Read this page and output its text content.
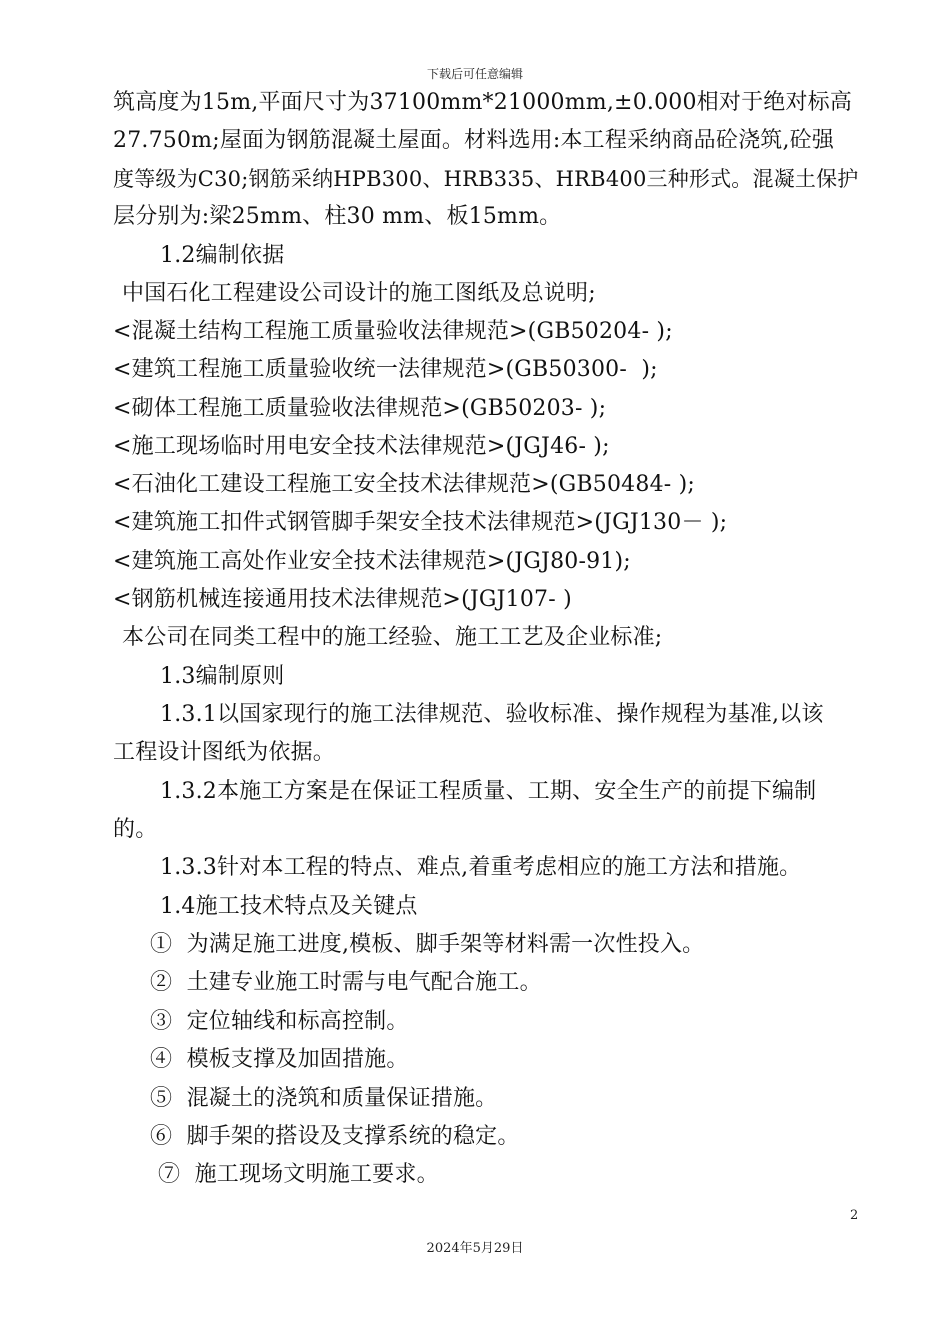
下载后可任意编辑
筑高度为15m,平面尺寸为37100mm*21000mm,±0.000相对于绝对标高
27.750m;屋面为钢筋混凝土屋面。材料选用:本工程采纳商品砼浇筑,砼强
度等级为C30;钢筋采纳HPB300、HRB335、HRB400三种形式。混凝土保护
层分别为:梁25mm、柱30 mm、板15mm。
1.2编制依据
中国石化工程建设公司设计的施工图纸及总说明;
<混凝土结构工程施工质量验收法律规范>(GB50204- );
<建筑工程施工质量验收统一法律规范>(GB50300-  );
<砌体工程施工质量验收法律规范>(GB50203- );
<施工现场临时用电安全技术法律规范>(JGJ46- );
<石油化工建设工程施工安全技术法律规范>(GB50484- );
<建筑施工扣件式钢管脚手架安全技术法律规范>(JGJ130－ );
<建筑施工高处作业安全技术法律规范>(JGJ80-91);
<钢筋机械连接通用技术法律规范>(JGJ107- )
本公司在同类工程中的施工经验、施工工艺及企业标准;
1.3编制原则
1.3.1以国家现行的施工法律规范、验收标准、操作规程为基准,以该
工程设计图纸为依据。
1.3.2本施工方案是在保证工程质量、工期、安全生产的前提下编制
的。
1.3.3针对本工程的特点、难点,着重考虑相应的施工方法和措施。
1.4施工技术特点及关键点
①  为满足施工进度,模板、脚手架等材料需一次性投入。
②  土建专业施工时需与电气配合施工。
③  定位轴线和标高控制。
④  模板支撑及加固措施。
⑤  混凝土的浇筑和质量保证措施。
⑥  脚手架的搭设及支撑系统的稳定。
⑦  施工现场文明施工要求。
2
2024年5月29日
